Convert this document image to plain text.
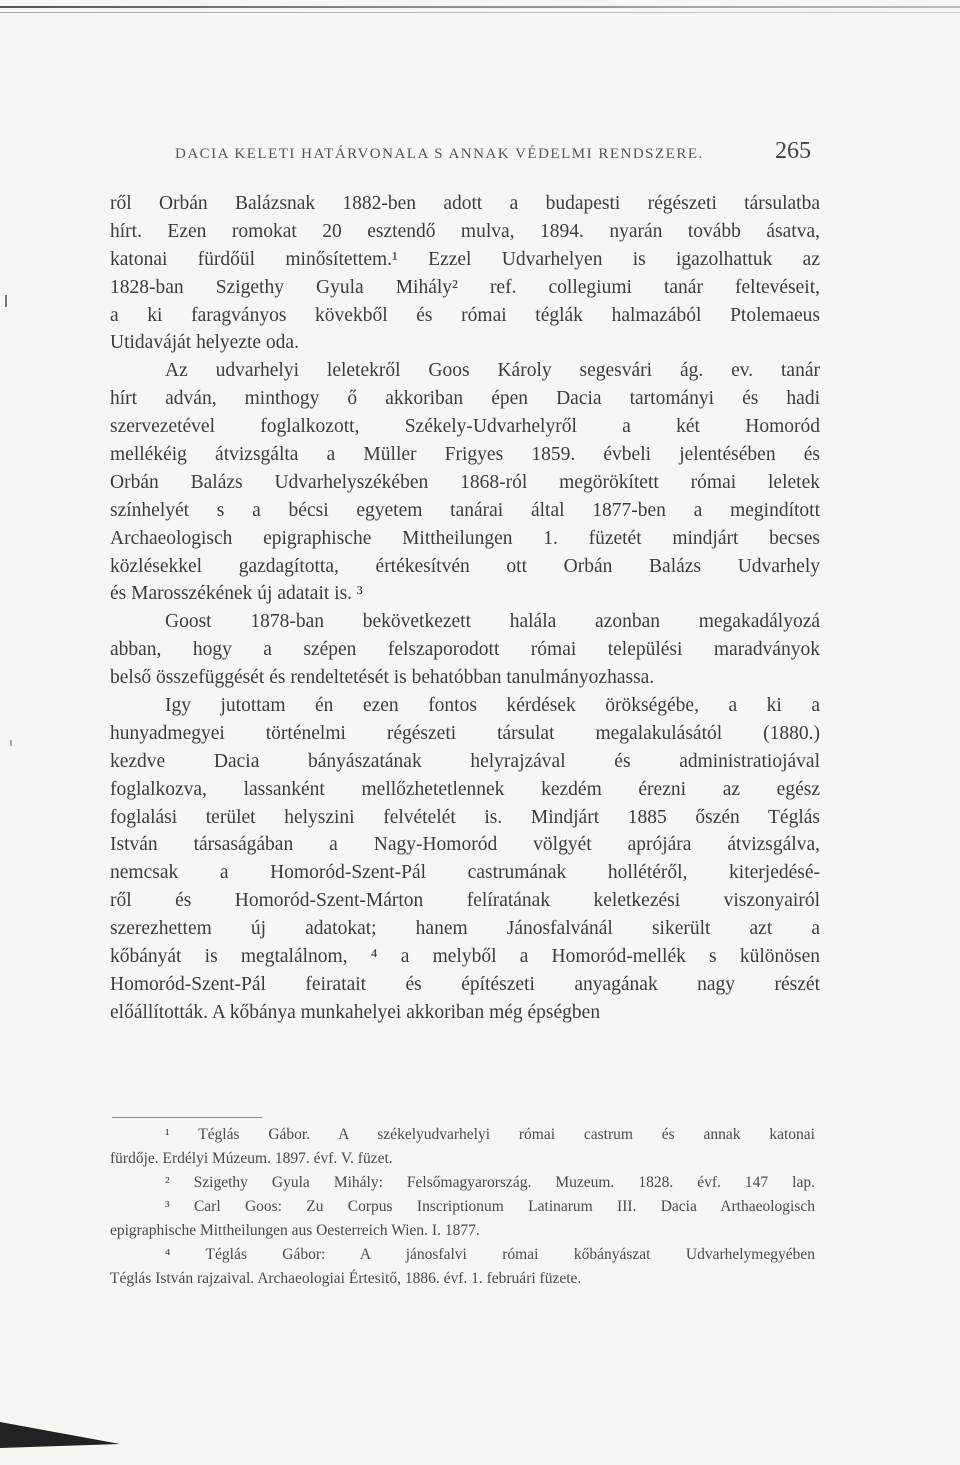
DACIA KELETI HATÁRVONALA S ANNAK VÉDELMI RENDSZERE.	265
ről Orbán Balázsnak 1882-ben adott a budapesti régészeti társulatba
hírt. Ezen romokat 20 esztendő mulva, 1894. nyarán tovább ásatva,
katonai fürdőül minősítettem.¹ Ezzel Udvarhelyen is igazolhattuk az
1828-ban Szigethy Gyula Mihály² ref. collegiumi tanár feltevéseit,
a ki faragványos kövekből és római téglák halmazából Ptolemaeus
Utidaváját helyezte oda.
Az udvarhelyi leletekről Goos Károly segesvári ág. ev. tanár
hírt adván, minthogy ő akkoriban épen Dacia tartományi és hadi
szervezetével foglalkozott, Székely-Udvarhelyről a két Homoród
mellékéig átvizsgálta a Müller Frigyes 1859. évbeli jelentésében és
Orbán Balázs Udvarhelyszékében 1868-ról megörökített római leletek
színhelyét s a bécsi egyetem tanárai által 1877-ben a megindított
Archaeologisch epigraphische Mittheilungen 1. füzetét mindjárt becses
közlésekkel gazdagította, értékesítvén ott Orbán Balázs Udvarhely
és Marosszékének új adatait is. ³
Goost 1878-ban bekövetkezett halála azonban megakadályozá
abban, hogy a szépen felszaporodott római települési maradványok
belső összefüggését és rendeltetését is behatóbban tanulmányozhassa.
Igy jutottam én ezen fontos kérdések örökségébe, a ki a
hunyadmegyei történelmi régészeti társulat megalakulásától (1880.)
kezdve Dacia bányászatának helyrajzával és administratiojával
foglalkozva, lassanként mellőzhetetlennek kezdém érezni az egész
foglalási terület helyszini felvételét is. Mindjárt 1885 őszén Téglás
István társaságában a Nagy-Homoród völgyét aprójára átvizsgálva,
nemcsak a Homoród-Szent-Pál castrumának hollétéről, kiterjedésé-
ről és Homoród-Szent-Márton felíratának keletkezési viszonyairól
szerezhettem új adatokat; hanem Jánosfalvánál sikerült azt a
kőbányát is megtalálnom, ⁴ a melyből a Homoród-mellék s különösen
Homoród-Szent-Pál feiratait és építészeti anyagának nagy részét
előállították. A kőbánya munkahelyei akkoriban még épségben
¹ Téglás Gábor. A székelyudvarhelyi római castrum és annak katonai
fürdője. Erdélyi Múzeum. 1897. évf. V. füzet.
² Szigethy Gyula Mihály: Felsőmagyarország. Muzeum. 1828. évf. 147 lap.
³ Carl Goos: Zu Corpus Inscriptionum Latinarum III. Dacia Arthaeologisch
epigraphische Mittheilungen aus Oesterreich Wien. I. 1877.
⁴ Téglás Gábor: A jánosfalvi római kőbányászat Udvarhelymegyében
Téglás István rajzaival. Archaeologiai Értesitő, 1886. évf. 1. februári füzete.
